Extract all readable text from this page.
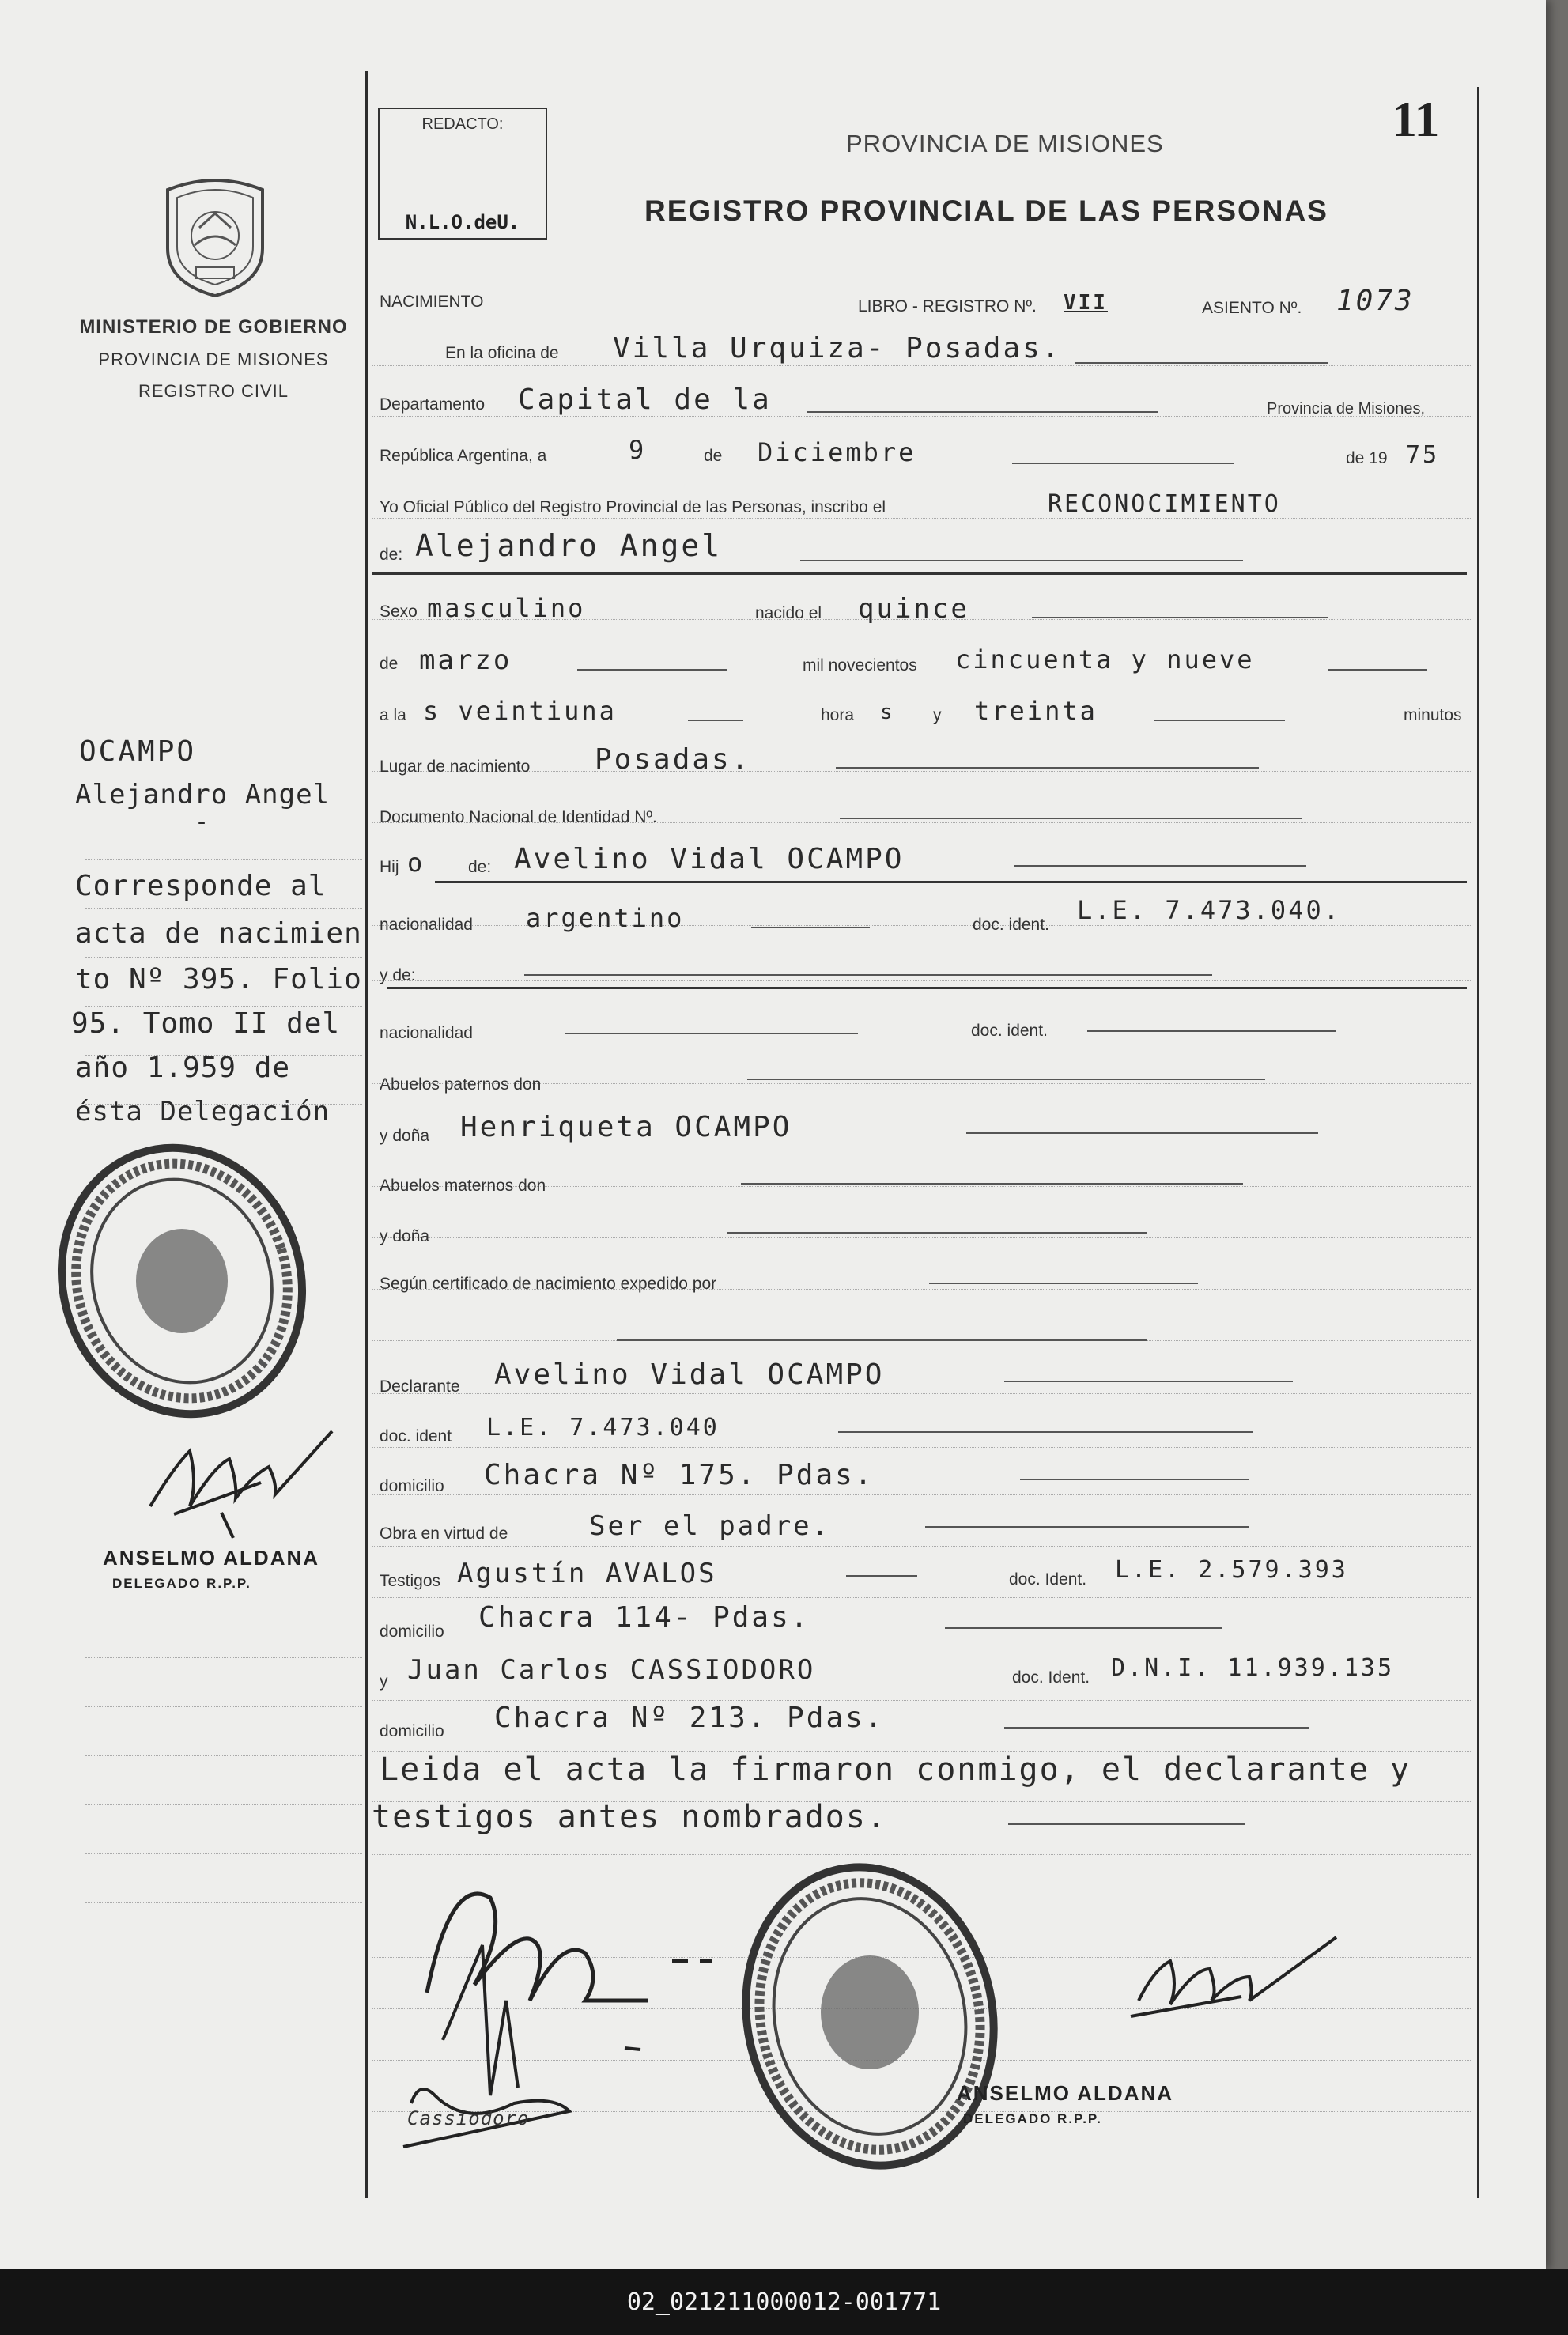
11
REDACTO:
N.L.O.deU.
PROVINCIA DE MISIONES
REGISTRO PROVINCIAL DE LAS PERSONAS
MINISTERIO DE GOBIERNO
PROVINCIA DE MISIONES
REGISTRO CIVIL
NACIMIENTO	LIBRO - REGISTRO Nº. VII	ASIENTO Nº. 1073
En la oficina de Villa Urquiza- Posadas.
Departamento Capital de la	Provincia de Misiones,
República Argentina, a	9	de Diciembre	de 19 75
Yo Oficial Público del Registro Provincial de las Personas, inscribo el	RECONOCIMIENTO
de: Alejandro Angel
Sexo masculino	nacido el quince
de marzo	mil novecientos cincuenta y nueve
a la s veintiuna	hora s y treinta	minutos
Lugar de nacimiento Posadas.
Documento Nacional de Identidad Nº.
Hij o	de: Avelino Vidal OCAMPO
nacionalidad argentino	doc. ident. L.E. 7.473.040.
y de:
nacionalidad	doc. ident.
Abuelos paternos don
y doña Henriqueta OCAMPO
Abuelos maternos don
y doña
Según certificado de nacimiento expedido por
Declarante Avelino Vidal OCAMPO
doc. ident L.E. 7.473.040
domicilio Chacra Nº 175. Pdas.
Obra en virtud de	Ser el padre.
Testigos Agustín AVALOS	doc. Ident. L.E. 2.579.393
domicilio Chacra 114- Pdas.
y Juan Carlos CASSIODORO	doc. Ident. D.N.I. 11.939.135
domicilio Chacra Nº 213. Pdas.
Leida el acta la firmaron conmigo, el declarante y
testigos antes nombrados.
OCAMPO
Alejandro Angel
-
Corresponde al
acta de nacimien
to Nº 395. Folio
95. Tomo II del
año 1.959 de
ésta Delegación
ANSELMO ALDANA
DELEGADO R.P.P.
Cassiodoro
ANSELMO ALDANA
DELEGADO R.P.P.
02_021211000012-001771
